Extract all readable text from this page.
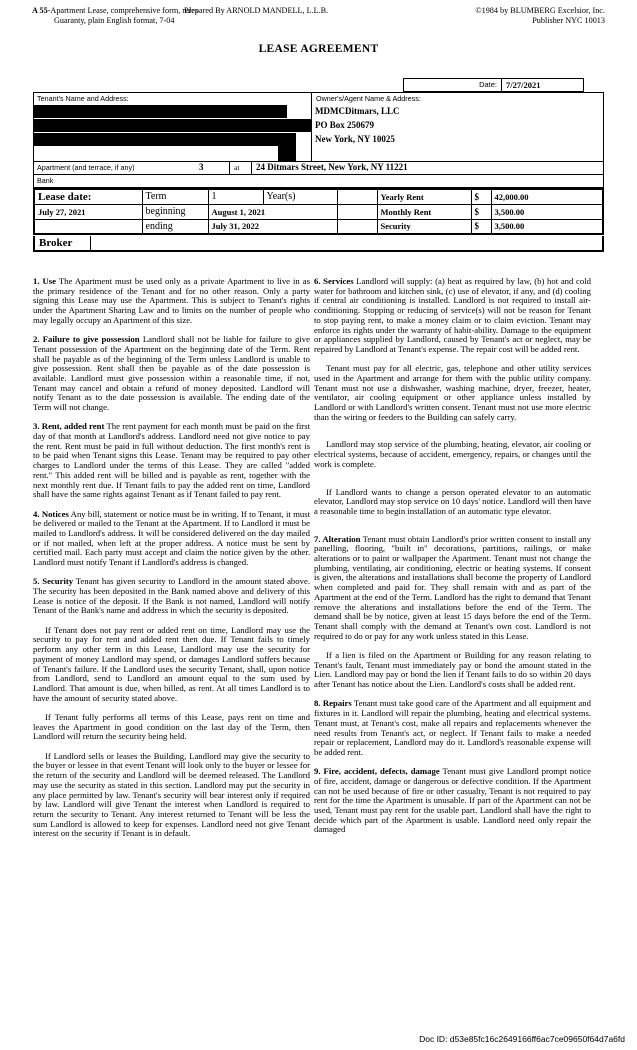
A 55-Apartment Lease, comprehensive form, rules
Guaranty, plain English format, 7-04
Prepared By ARNOLD MANDELL, L.L.B.	©1984 by BLUMBERG Excelsior, Inc.
Publisher NYC 10013
LEASE AGREEMENT
Date:	7/27/2021
Tenant's Name and Address:	Owner's/Agent Name & Address:
MDMCDitmars, LLC
PO Box 250679
New York, NY 10025
Apartment (and terrace, if any)	3	at	24 Ditmars Street, New York, NY 11221
Bank
Lease date:	Term	1	Year(s)		Yearly Rent	$	42,000.00
July 27, 2021	beginning	August 1, 2021			Monthly Rent	$	3,500.00
	ending	July 31, 2022			Security	$	3,500.00
Broker

1. Use The Apartment must be used only as a private Apartment to live in as the primary residence of the Tenant and for no other reason. Only a party signing this Lease may use the Apartment. This is subject to Tenant's rights under the Apartment Sharing Law and to limits on the number of people who may legally occupy an Apartment of this size.

2. Failure to give possession Landlord shall not be liable for failure to give Tenant possession of the Apartment on the beginning date of the Term. Rent shall be payable as of the beginning of the Term unless Landlord is unable to give possession. Rent shall then be payable as of the date possession is available. Landlord must give possession within a reasonable time, if not, Tenant may cancel and obtain a refund of money deposited. Landlord will notify Tenant as to the date possession is available. The ending date of the Term will not change.

3. Rent, added rent The rent payment for each month must be paid on the first day of that month at Landlord's address. Landlord need not give notice to pay the rent. Rent must be paid in full without deduction. The first month's rent is to be paid when Tenant signs this Lease. Tenant may be required to pay other charges to Landlord under the terms of this Lease. They are called "added rent." This added rent will be billed and is payable as rent, together with the next monthly rent due. If Tenant fails to pay the added rent on time, Landlord shall have the same rights against Tenant as if Tenant failed to pay rent.

4. Notices Any bill, statement or notice must be in writing. If to Tenant, it must be delivered or mailed to the Tenant at the Apartment. If to Landlord it must be mailed to Landlord's address. It will be considered delivered on the day mailed or if not mailed, when left at the proper address. A notice must be sent by certified mail. Each party must accept and claim the notice given by the other. Landlord must notify Tenant if Landlord's address is changed.

5. Security Tenant has given security to Landlord in the amount stated above. The security has been deposited in the Bank named above and delivery of this Lease is notice of the deposit. If the Bank is not named, Landlord will notify Tenant of the Bank's name and address in which the security is deposited.

If Tenant does not pay rent or added rent on time, Landlord may use the security to pay for rent and added rent then due. If Tenant fails to timely perform any other term in this Lease, Landlord may use the security for payment of money Landlord may spend, or damages Landlord suffers because of Tenant's failure. If the Landlord uses the security Tenant, shall, upon notice from Landlord, send to Landlord an amount equal to the sum used by Landlord. That amount is due, when billed, as rent. At all times Landlord is to have the amount of security stated above.

If Tenant fully performs all terms of this Lease, pays rent on time and leaves the Apartment in good condition on the last day of the Term, then Landlord will return the security being held.

If Landlord sells or leases the Building, Landlord may give the security to the buyer or lessee in that event Tenant will look only to the buyer or lessee for the return of the security and Landlord will be deemed released. The Landlord may use the security as stated in this section. Landlord may put the security in any place permitted by law. Tenant's security will bear interest only if required by law. Landlord will give Tenant the interest when Landlord is required to return the security to Tenant. Any interest returned to Tenant will be less the sum Landlord is allowed to keep for expenses. Landlord need not give Tenant interest on the security if Tenant is in default.

6. Services Landlord will supply: (a) heat as required by law, (b) hot and cold water for bathroom and kitchen sink, (c) use of elevator, if any, and (d) cooling if central air conditioning is installed. Landlord is not required to install air-conditioning. Stopping or reducing of service(s) will not be reason for Tenant to stop paying rent, to make a money claim or to claim eviction. Tenant may enforce its rights under the warranty of habit-ability. Damage to the equipment or appliances supplied by Landlord, caused by Tenant's act or neglect, may be repaired by Landlord at Tenant's expense. The repair cost will be added rent.

Tenant must pay for all electric, gas, telephone and other utility services used in the Apartment and arrange for them with the public utility company. Tenant must not use a dishwasher, washing machine, dryer, freezer, heater, ventilator, air cooling equipment or other appliance unless installed by Landlord or with Landlord's written consent. Tenant must not use more electric than the wiring or feeders to the Building can safely carry.

Landlord may stop service of the plumbing, heating, elevator, air cooling or electrical systems, because of accident, emergency, repairs, or changes until the work is complete.

If Landlord wants to change a person operated elevator to an automatic elevator, Landlord may stop service on 10 days' notice. Landlord will then have a reasonable time to begin installation of an automatic type elevator.

7. Alteration Tenant must obtain Landlord's prior written consent to install any panelling, flooring, "built in" decorations, partitions, railings, or make alterations or to paint or wallpaper the Apartment. Tenant must not change the plumbing, ventilating, air conditioning, electric or heating systems. If consent is given, the alterations and installations shall become the property of Landlord when completed and paid for. They shall remain with and as part of the Apartment at the end of the Term. Landlord has the right to demand that Tenant remove the alterations and installations before the end of the Term. The demand shall be by notice, given at least 15 days before the end of the Term. Tenant shall comply with the demand at Tenant's own cost. Landlord is not required to do or pay for any work unless stated in this Lease.

If a lien is filed on the Apartment or Building for any reason relating to Tenant's fault, Tenant must immediately pay or bond the amount stated in the Lien. Landlord may pay or bond the lien if Tenant fails to do so within 20 days after Tenant has notice about the Lien. Landlord's costs shall be added rent.

8. Repairs Tenant must take good care of the Apartment and all equipment and fixtures in it. Landlord will repair the plumbing, heating and electrical systems. Tenant must, at Tenant's cost, make all repairs and replacements whenever the need results from Tenant's act, or neglect. If Tenant fails to make a needed repair or replacement, Landlord may do it. Landlord's reasonable expense will be added rent.

9. Fire, accident, defects, damage Tenant must give Landlord prompt notice of fire, accident, damage or dangerous or defective condition. If the Apartment can not be used because of fire or other casualty, Tenant is not required to pay rent for the time the Apartment is unusable. If part of the Apartment can not be used, Tenant must pay rent for the usable part. Landlord shall have the right to decide which part of the Apartment is usable. Landlord need only repair the damaged

Doc ID: d53e85fc16c2649166ff6ac7ce09650f64d7a6fd
